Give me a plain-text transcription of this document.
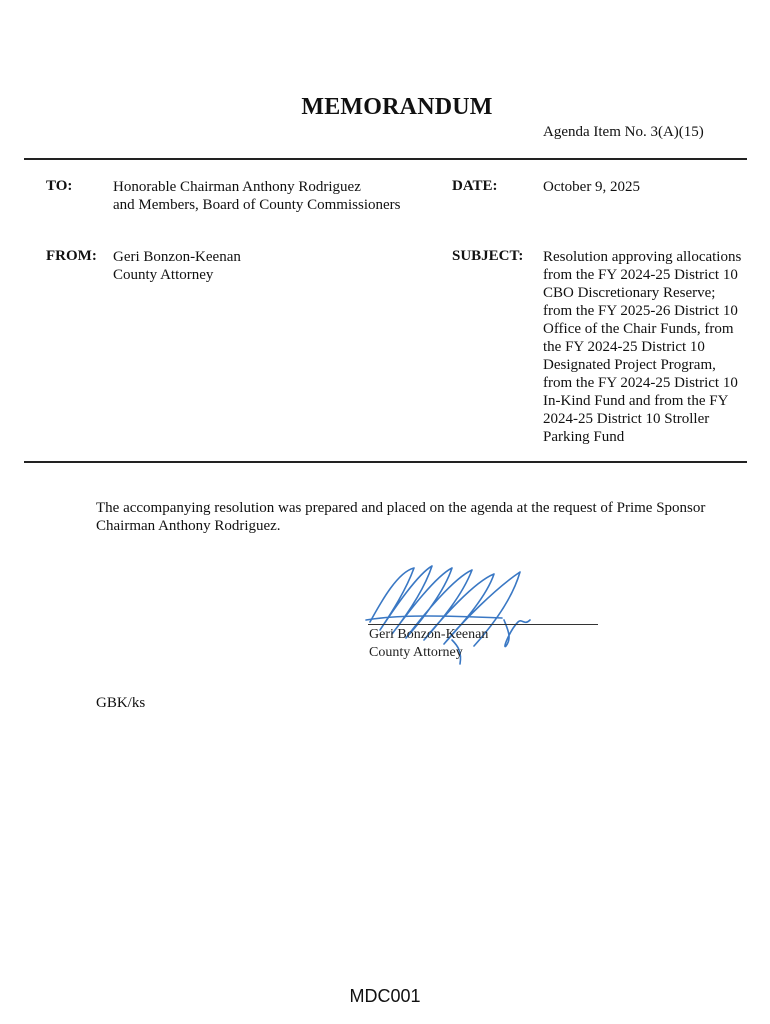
MEMORANDUM
Agenda Item No. 3(A)(15)
TO:	Honorable Chairman Anthony Rodriguez
and Members, Board of County Commissioners
DATE:	October 9, 2025
FROM: Geri Bonzon-Keenan
County Attorney
SUBJECT: Resolution approving allocations
from the FY 2024-25 District 10
CBO Discretionary Reserve;
from the FY 2025-26 District 10
Office of the Chair Funds, from
the FY 2024-25 District 10
Designated Project Program,
from the FY 2024-25 District 10
In-Kind Fund and from the FY
2024-25 District 10 Stroller
Parking Fund
The accompanying resolution was prepared and placed on the agenda at the request of Prime Sponsor
Chairman Anthony Rodriguez.
Geri Bonzon-Keenan
County Attorney
GBK/ks
MDC001
